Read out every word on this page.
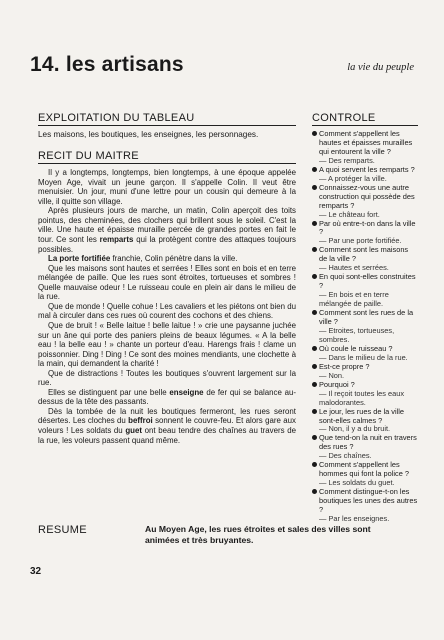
14. les artisans	la vie du peuple
EXPLOITATION DU TABLEAU

Les maisons, les boutiques, les enseignes, les personnages.

RECIT DU MAITRE

Il y a longtemps, longtemps, bien longtemps, à une époque appelée Moyen Age, vivait un jeune garçon. Il s'appelle Colin. Il veut être menuisier. Un jour, muni d'une lettre pour un cousin qui demeure à la ville, il quitte son village.

Après plusieurs jours de marche, un matin, Colin aperçoit des toits pointus, des cheminées, des clochers qui brillent sous le soleil. C'est la ville. Une haute et épaisse muraille percée de grandes portes en fait le tour. Ce sont les remparts qui la protègent contre des attaques toujours possibles.

La porte fortifiée franchie, Colin pénètre dans la ville.

Que les maisons sont hautes et serrées ! Elles sont en bois et en terre mélangée de paille. Que les rues sont étroites, tortueuses et sombres ! Quelle mauvaise odeur ! Le ruisseau coule en plein air dans le milieu de la rue.

Que de monde ! Quelle cohue ! Les cavaliers et les piétons ont bien du mal à circuler dans ces rues où courent des cochons et des chiens.

Que de bruit ! « Belle laitue ! belle laitue ! » crie une paysanne juchée sur un âne qui porte des paniers pleins de beaux légumes. « A la belle eau ! la belle eau ! » chante un porteur d'eau. Harengs frais ! clame un poissonnier. Ding ! Ding ! Ce sont des moines mendiants, une clochette à la main, qui demandent la charité !

Que de distractions ! Toutes les boutiques s'ouvrent largement sur la rue.

Elles se distinguent par une belle enseigne de fer qui se balance au-dessus de la tête des passants.

Dès la tombée de la nuit les boutiques fermeront, les rues seront désertes. Les cloches du beffroi sonnent le couvre-feu. Et alors gare aux voleurs ! Les soldats du guet ont beau tendre des chaînes au travers de la rue, les voleurs passent quand même.

CONTROLE
Comment s'appellent les hautes et épaisses murailles qui entourent la ville ?
— Des remparts.
A quoi servent les remparts ?
— A protéger la ville.
Connaissez-vous une autre construction qui possède des remparts ?
— Le château fort.
Par où entre-t-on dans la ville ?
— Par une porte fortifiée.
Comment sont les maisons de la ville ?
— Hautes et serrées.
En quoi sont-elles construites ?
— En bois et en terre mélangée de paille.
Comment sont les rues de la ville ?
— Etroites, tortueuses, sombres.
Où coule le ruisseau ?
— Dans le milieu de la rue.
Est-ce propre ?
— Non.
Pourquoi ?
— Il reçoit toutes les eaux malodorantes.
Le jour, les rues de la ville sont-elles calmes ?
— Non, il y a du bruit.
Que tend-on la nuit en travers des rues ?
— Des chaînes.
Comment s'appellent les hommes qui font la police ?
— Les soldats du guet.
Comment distingue-t-on les boutiques les unes des autres ?
— Par les enseignes.
RESUME	Au Moyen Age, les rues étroites et sales des villes sont animées et très bruyantes.
32
